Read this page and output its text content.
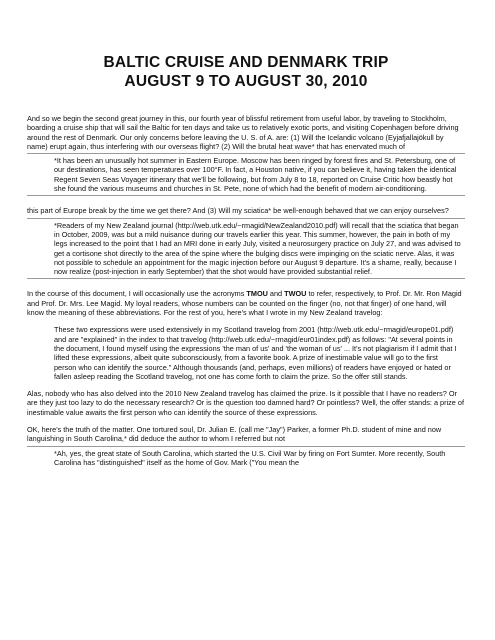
BALTIC CRUISE AND DENMARK TRIP
AUGUST 9 TO AUGUST 30, 2010

And so we begin the second great journey in this, our fourth year of blissful retirement from useful labor, by traveling to Stockholm, boarding a cruise ship that will sail the Baltic for ten days and take us to relatively exotic ports, and visiting Copenhagen before driving around the rest of Denmark. Our only concerns before leaving the U. S. of A. are: (1) Will the Icelandic volcano (Eyjafjallajökull by name) erupt again, thus interfering with our overseas flight? (2) Will the brutal heat wave* that has enervated much of

*It has been an unusually hot summer in Eastern Europe. Moscow has been ringed by forest fires and St. Petersburg, one of our destinations, has seen temperatures over 100°F. In fact, a Houston native, if you can believe it, having taken the identical Regent Seven Seas Voyager itinerary that we'll be following, but from July 8 to 18, reported on Cruise Critic how beastly hot she found the various museums and churches in St. Pete, none of which had the benefit of modern air-conditioning.

this part of Europe break by the time we get there? And (3) Will my sciatica* be well-enough behaved that we can enjoy ourselves?

*Readers of my New Zealand journal (http://web.utk.edu/~rmagid/NewZealand2010.pdf) will recall that the sciatica that began in October, 2009, was but a mild nuisance during our travels earlier this year. This summer, however, the pain in both of my legs increased to the point that I had an MRI done in early July, visited a neurosurgery practice on July 27, and was advised to get a cortisone shot directly to the area of the spine where the bulging discs were impinging on the sciatic nerve. Alas, it was not possible to schedule an appointment for the magic injection before our August 9 departure. It's a shame, really, because I now realize (post-injection in early September) that the shot would have provided substantial relief.

In the course of this document, I will occasionally use the acronyms TMOU and TWOU to refer, respectively, to Prof. Dr. Mr. Ron Magid and Prof. Dr. Mrs. Lee Magid. My loyal readers, whose numbers can be counted on the finger (no, not that finger) of one hand, will know the meaning of these abbreviations. For the rest of you, here's what I wrote in my New Zealand travelog:

These two expressions were used extensively in my Scotland travelog from 2001 (http://web.utk.edu/~rmagid/europe01.pdf) and are "explained" in the index to that travelog (http://web.utk.edu/~rmagid/eur01index.pdf) as follows: "At several points in the document, I found myself using the expressions 'the man of us' and 'the woman of us' ... It's not plagiarism if I admit that I lifted these expressions, albeit quite subconsciously, from a favorite book. A prize of inestimable value will go to the first person who can identify the source." Although thousands (and, perhaps, even millions) of readers have enjoyed or hated or fallen asleep reading the Scotland travelog, not one has come forth to claim the prize. So the offer still stands.

Alas, nobody who has also delved into the 2010 New Zealand travelog has claimed the prize. Is it possible that I have no readers? Or are they just too lazy to do the necessary research? Or is the question too damned hard? Or pointless? Well, the offer stands: a prize of inestimable value awaits the first person who can identify the source of these expressions.

OK, here's the truth of the matter. One tortured soul, Dr. Julian E. (call me "Jay") Parker, a former Ph.D. student of mine and now languishing in South Carolina,* did deduce the author to whom I referred but not

*Ah, yes, the great state of South Carolina, which started the U.S. Civil War by firing on Fort Sumter. More recently, South Carolina has "distinguished" itself as the home of Gov. Mark ("You mean the
